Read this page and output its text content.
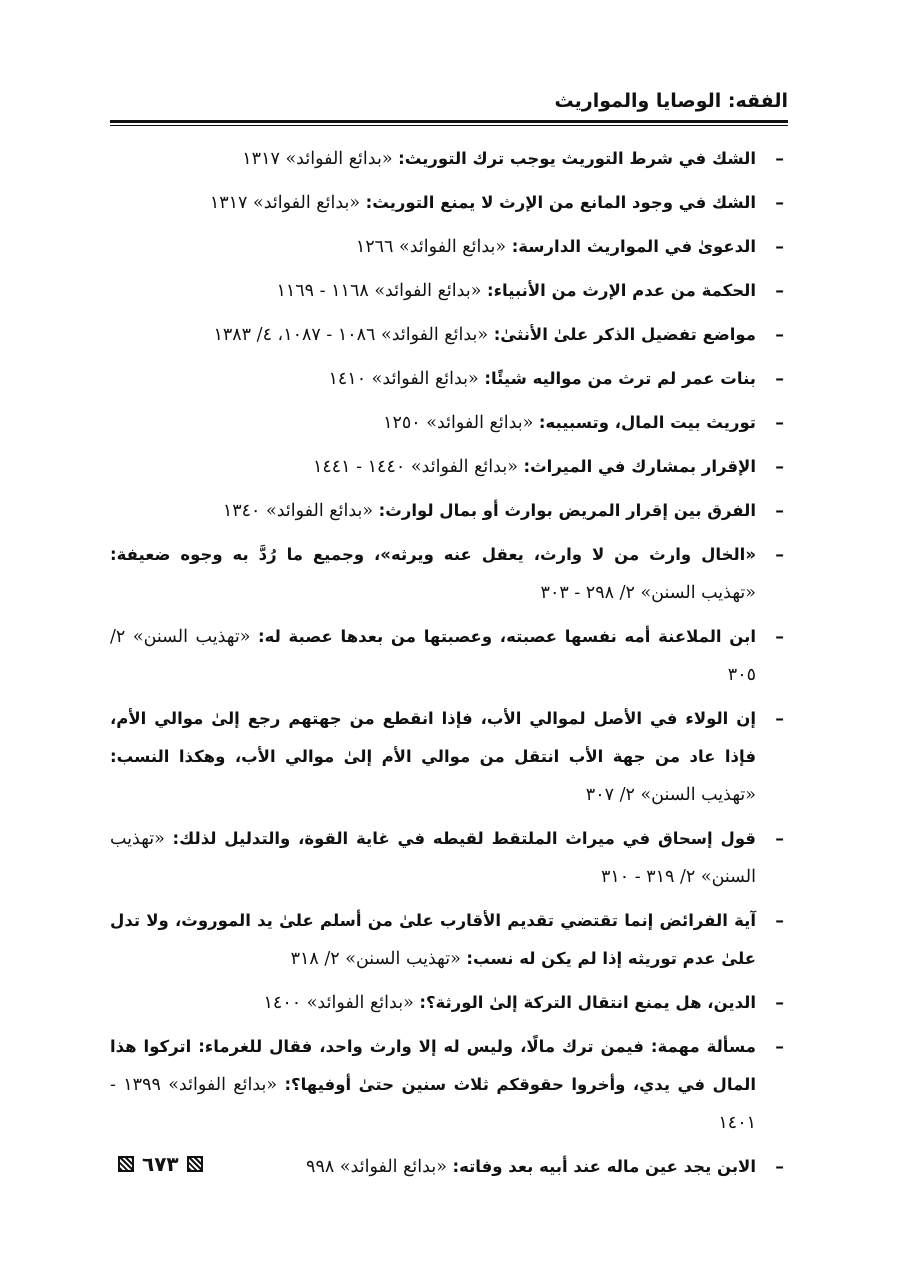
الفقه: الوصايا والمواريث
–
الشك في شرط التوريث يوجب ترك التوريث: «بدائع الفوائد» ١٣١٧
–
الشك في وجود المانع من الإرث لا يمنع التوريث: «بدائع الفوائد» ١٣١٧
–
الدعوىٰ في المواريث الدارسة: «بدائع الفوائد» ١٢٦٦
–
الحكمة من عدم الإرث من الأنبياء: «بدائع الفوائد» ١١٦٨ - ١١٦٩
–
مواضع تفضيل الذكر علىٰ الأنثىٰ: «بدائع الفوائد» ١٠٨٦ - ١٠٨٧، ٤/ ١٣٨٣
–
بنات عمر لم ترث من مواليه شيئًا: «بدائع الفوائد» ١٤١٠
–
توريث بيت المال، وتسبيبه: «بدائع الفوائد» ١٢٥٠
–
الإقرار بمشارك في الميراث: «بدائع الفوائد» ١٤٤٠ - ١٤٤١
–
الفرق بين إقرار المريض بوارث أو بمال لوارث: «بدائع الفوائد» ١٣٤٠
–
«الخال وارث من لا وارث، يعقل عنه ويرثه»، وجميع ما رُدَّ به وجوه ضعيفة: «تهذيب السنن» ٢/ ٢٩٨ - ٣٠٣
–
ابن الملاعنة أمه نفسها عصبته، وعصبتها من بعدها عصبة له: «تهذيب السنن» ٢/ ٣٠٥
–
إن الولاء في الأصل لموالي الأب، فإذا انقطع من جهتهم رجع إلىٰ موالي الأم، فإذا عاد من جهة الأب انتقل من موالي الأم إلىٰ موالي الأب، وهكذا النسب: «تهذيب السنن» ٢/ ٣٠٧
–
قول إسحاق في ميراث الملتقط لقيطه في غاية القوة، والتدليل لذلك: «تهذيب السنن» ٢/ ٣١٩ - ٣١٠
–
آية الفرائض إنما تقتضي تقديم الأقارب علىٰ من أسلم علىٰ يد الموروث، ولا تدل علىٰ عدم توريثه إذا لم يكن له نسب: «تهذيب السنن» ٢/ ٣١٨
–
الدين، هل يمنع انتقال التركة إلىٰ الورثة؟: «بدائع الفوائد» ١٤٠٠
–
مسألة مهمة: فيمن ترك مالًا، وليس له إلا وارث واحد، فقال للغرماء: اتركوا هذا المال في يدي، وأخروا حقوقكم ثلاث سنين حتىٰ أوفيها؟: «بدائع الفوائد» ١٣٩٩ - ١٤٠١
–
الابن يجد عين ماله عند أبيه بعد وفاته: «بدائع الفوائد» ٩٩٨
٦٧٣
